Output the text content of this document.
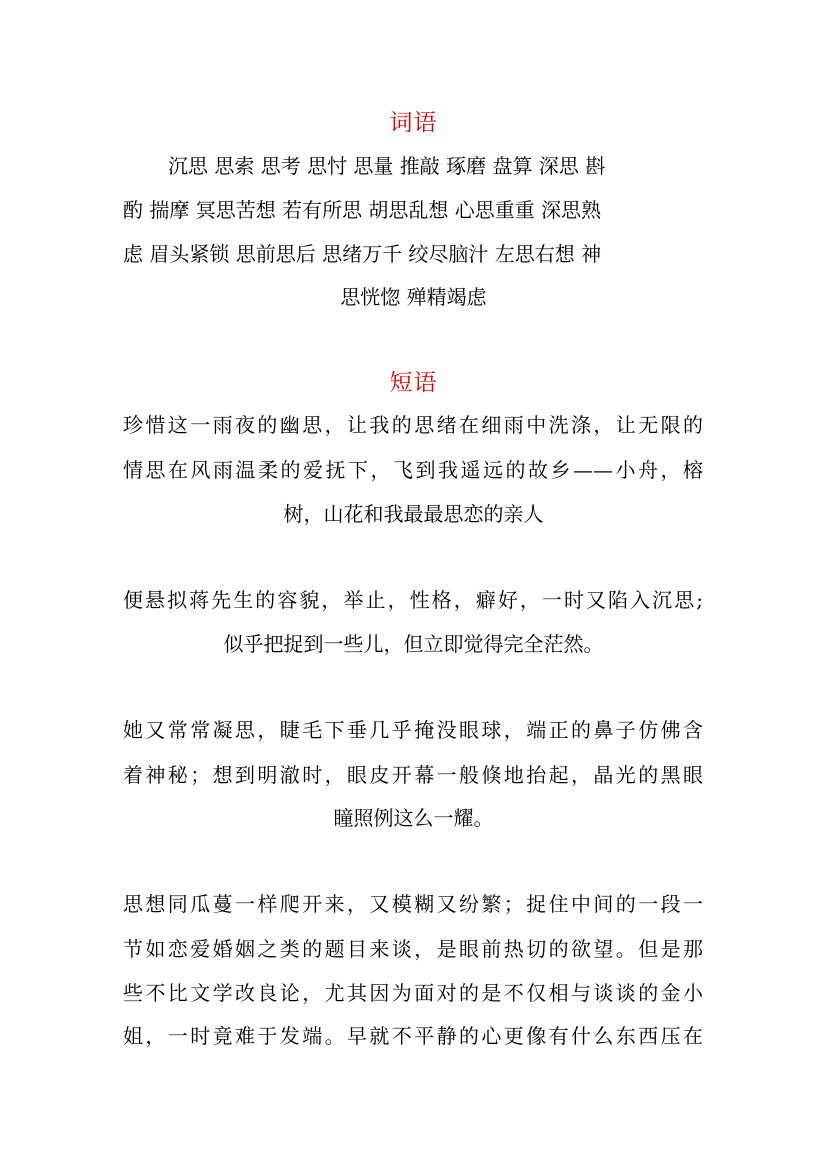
词语
沉思 思索 思考 思忖 思量 推敲 琢磨 盘算 深思 斟
酌 揣摩 冥思苦想 若有所思 胡思乱想 心思重重 深思熟
虑 眉头紧锁 思前思后 思绪万千 绞尽脑汁 左思右想 神
思恍惚 殚精竭虑
短语
珍惜这一雨夜的幽思，让我的思绪在细雨中洗涤，让无限的
情思在风雨温柔的爱抚下，飞到我遥远的故乡——小舟，榕
树，山花和我最最思恋的亲人
便悬拟蒋先生的容貌，举止，性格，癖好，一时又陷入沉思;
似乎把捉到一些儿，但立即觉得完全茫然。
她又常常凝思，睫毛下垂几乎掩没眼球，端正的鼻子仿佛含
着神秘；想到明澈时，眼皮开幕一般倏地抬起，晶光的黑眼
瞳照例这么一耀。
思想同瓜蔓一样爬开来，又模糊又纷繁；捉住中间的一段一
节如恋爱婚姻之类的题目来谈，是眼前热切的欲望。但是那
些不比文学改良论，尤其因为面对的是不仅相与谈谈的金小
姐，一时竟难于发端。早就不平静的心更像有什么东西压在
